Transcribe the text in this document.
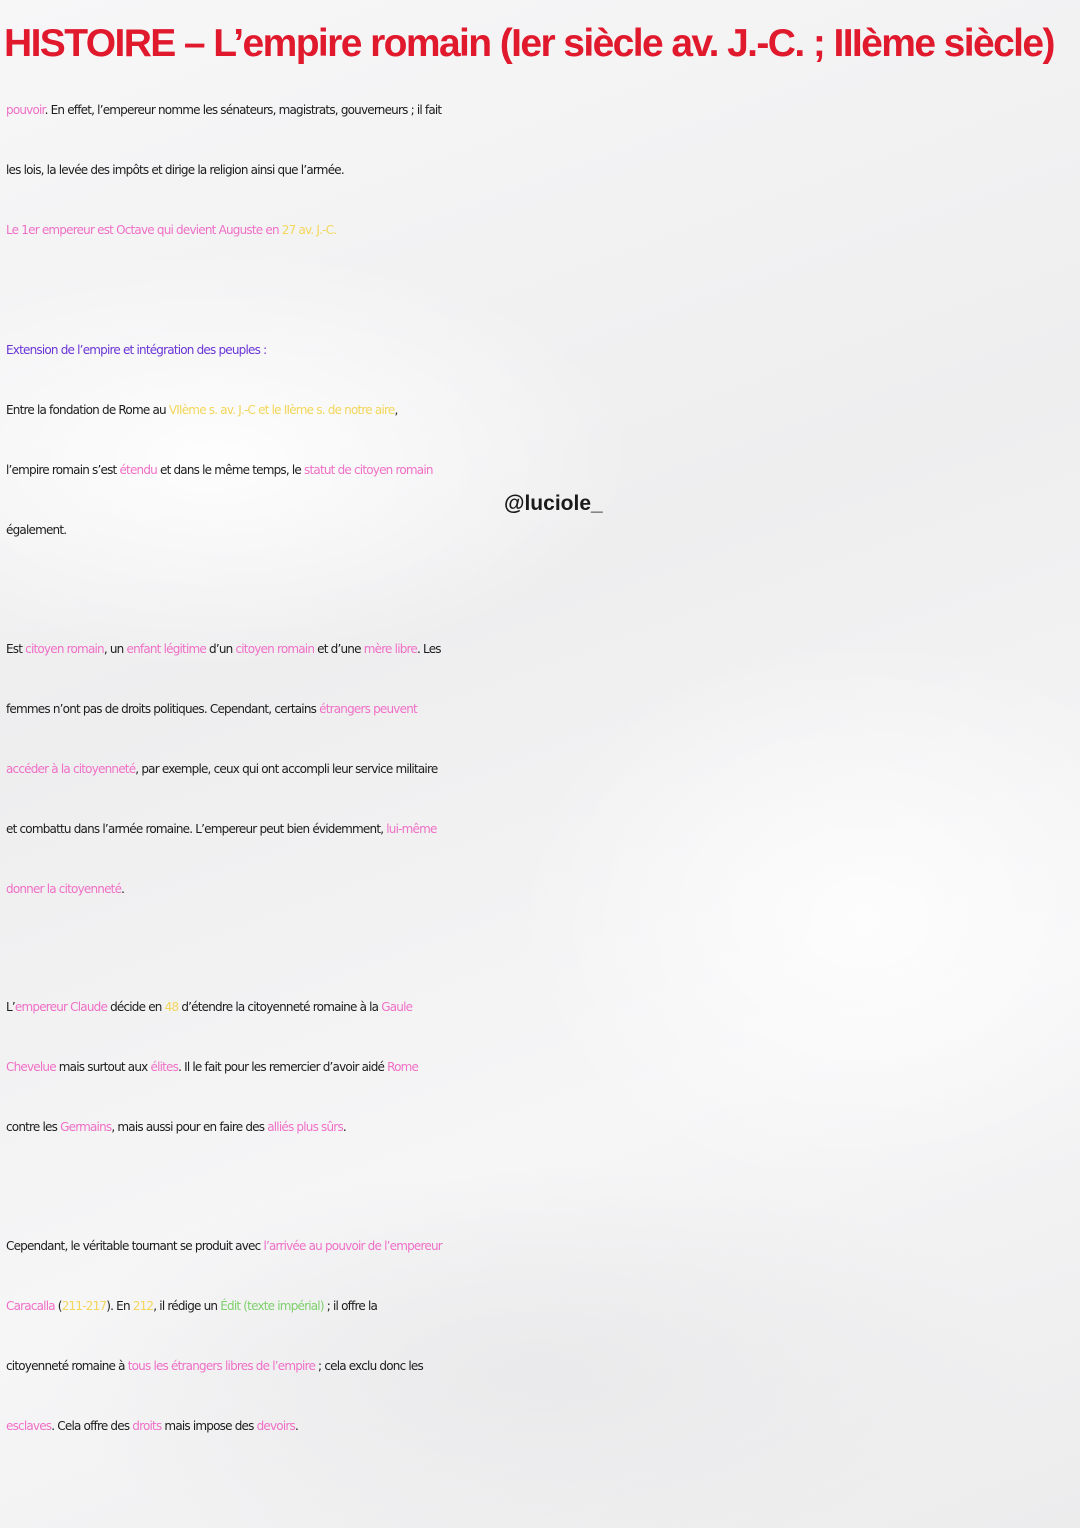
HISTOIRE – L’empire romain (Ier siècle av. J.-C. ; IIIème siècle)
pouvoir. En effet, l’empereur nomme les sénateurs, magistrats, gouverneurs ; il fait
les lois, la levée des impôts et dirige la religion ainsi que l’armée.
Le 1er empereur est Octave qui devient Auguste en 27 av. J.-C.
Extension de l’empire et intégration des peuples :
Entre la fondation de Rome au VIIème s. av. J.-C et le IIème s. de notre aire,
l’empire romain s’est étendu et dans le même temps, le statut de citoyen romain
également.
@luciole_
Est citoyen romain, un enfant légitime d’un citoyen romain et d’une mère libre. Les
femmes n’ont pas de droits politiques. Cependant, certains étrangers peuvent
accéder à la citoyenneté, par exemple, ceux qui ont accompli leur service militaire
et combattu dans l’armée romaine. L’empereur peut bien évidemment, lui-même
donner la citoyenneté.
L’empereur Claude décide en 48 d’étendre la citoyenneté romaine à la Gaule
Chevelue mais surtout aux élites. Il le fait pour les remercier d’avoir aidé Rome
contre les Germains, mais aussi pour en faire des alliés plus sûrs.
Cependant, le véritable tournant se produit avec l’arrivée au pouvoir de l’empereur
Caracalla (211-217). En 212, il rédige un Édit (texte impérial) ; il offre la
citoyenneté romaine à tous les étrangers libres de l’empire ; cela exclu donc les
esclaves. Cela offre des droits mais impose des devoirs.
